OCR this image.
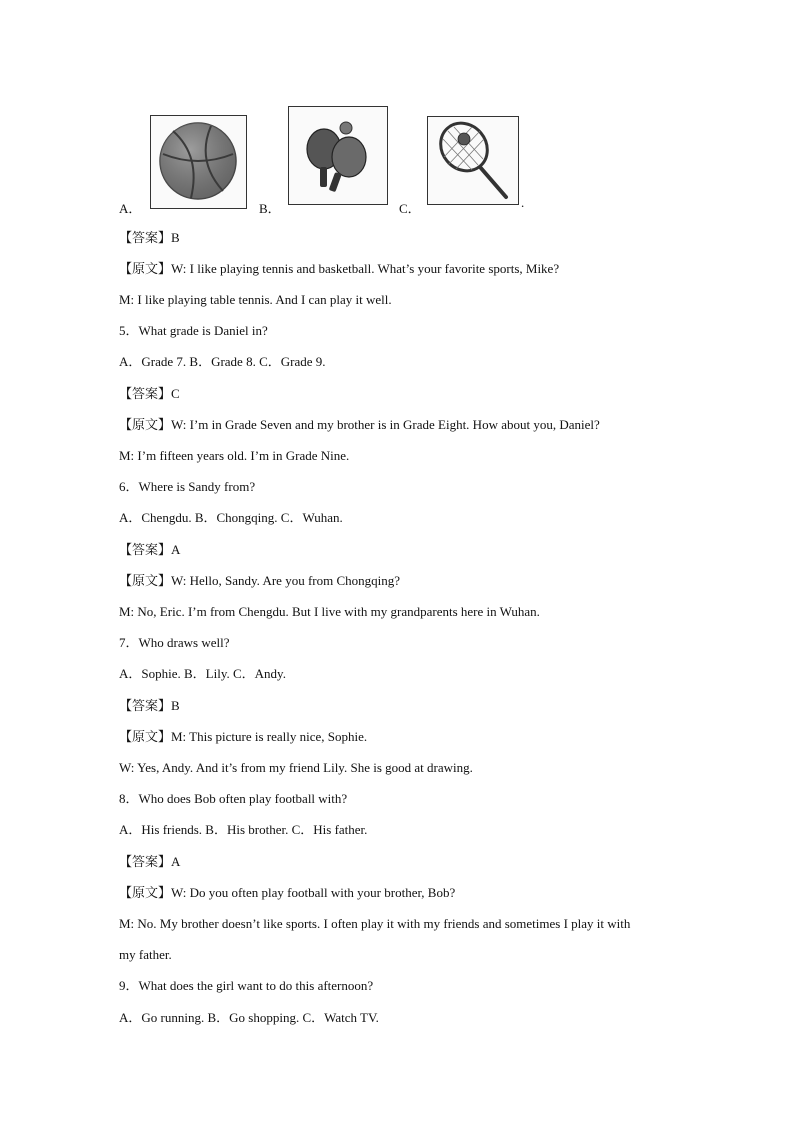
A．	B．	C．	.
【答案】B
【原文】W: I like playing tennis and basketball. What’s your favorite sports, Mike?
M: I like playing table tennis. And I can play it well.
5．What grade is Daniel in?
A．Grade 7. B．Grade 8. C．Grade 9.
【答案】C
【原文】W: I’m in Grade Seven and my brother is in Grade Eight. How about you, Daniel?
M: I’m fifteen years old. I’m in Grade Nine.
6．Where is Sandy from?
A．Chengdu. B．Chongqing. C．Wuhan.
【答案】A
【原文】W: Hello, Sandy. Are you from Chongqing?
M: No, Eric. I’m from Chengdu. But I live with my grandparents here in Wuhan.
7．Who draws well?
A．Sophie. B．Lily. C．Andy.
【答案】B
【原文】M: This picture is really nice, Sophie.
W: Yes, Andy. And it’s from my friend Lily. She is good at drawing.
8．Who does Bob often play football with?
A．His friends. B．His brother. C．His father.
【答案】A
【原文】W: Do you often play football with your brother, Bob?
M: No. My brother doesn’t like sports. I often play it with my friends and sometimes I play it with
my father.
9．What does the girl want to do this afternoon?
A．Go running. B．Go shopping. C．Watch TV.
